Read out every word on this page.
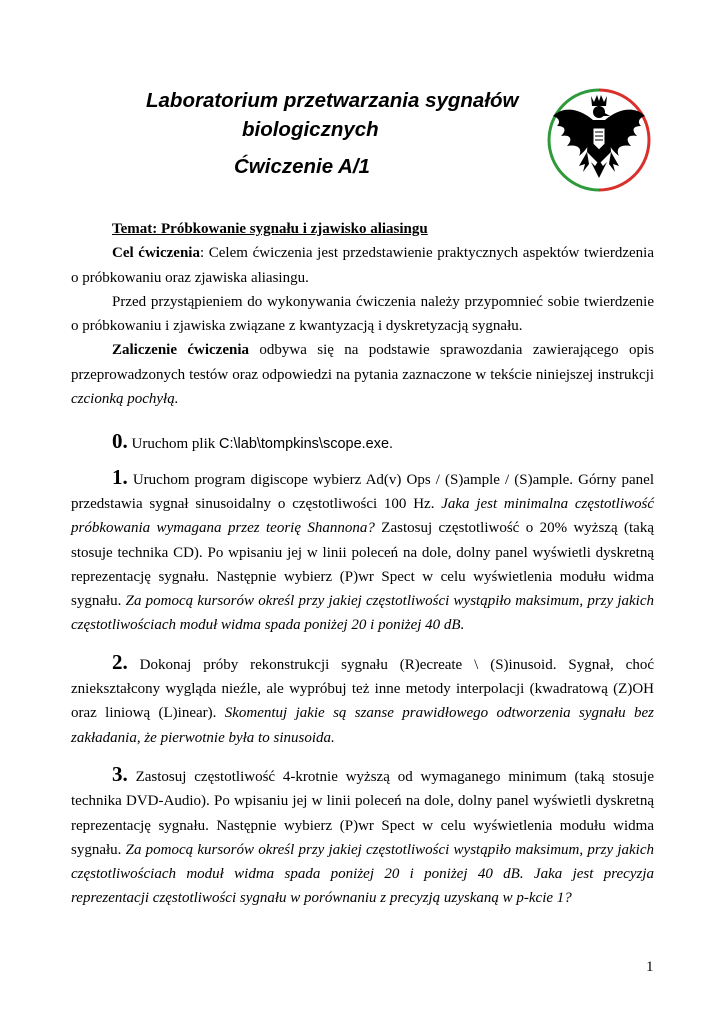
Laboratorium przetwarzania sygnałów
biologicznych
Ćwiczenie A/1

Temat: Próbkowanie sygnału i zjawisko aliasingu

Cel ćwiczenia: Celem ćwiczenia jest przedstawienie praktycznych aspektów twierdzenia o próbkowaniu oraz zjawiska aliasingu.

Przed przystąpieniem do wykonywania ćwiczenia należy przypomnieć sobie twierdzenie o próbkowaniu i zjawiska związane z kwantyzacją i dyskretyzacją sygnału.

Zaliczenie ćwiczenia odbywa się na podstawie sprawozdania zawierającego opis przeprowadzonych testów oraz odpowiedzi na pytania zaznaczone w tekście niniejszej instrukcji czcionką pochyłą.

0. Uruchom plik C:\lab\tompkins\scope.exe.

1. Uruchom program digiscope wybierz Ad(v) Ops / (S)ample / (S)ample. Górny panel przedstawia sygnał sinusoidalny o częstotliwości 100 Hz. Jaka jest minimalna częstotliwość próbkowania wymagana przez teorię Shannona? Zastosuj częstotliwość o 20% wyższą (taką stosuje technika CD). Po wpisaniu jej w linii poleceń na dole, dolny panel wyświetli dyskretną reprezentację sygnału. Następnie wybierz (P)wr Spect w celu wyświetlenia modułu widma sygnału. Za pomocą kursorów określ przy jakiej częstotliwości wystąpiło maksimum, przy jakich częstotliwościach moduł widma spada poniżej 20 i poniżej 40 dB.

2. Dokonaj próby rekonstrukcji sygnału (R)ecreate \ (S)inusoid. Sygnał, choć zniekształcony wygląda nieźle, ale wypróbuj też inne metody interpolacji (kwadratową (Z)OH oraz liniową (L)inear). Skomentuj jakie są szanse prawidłowego odtworzenia sygnału bez zakładania, że pierwotnie była to sinusoida.

3. Zastosuj częstotliwość 4-krotnie wyższą od wymaganego minimum (taką stosuje technika DVD-Audio). Po wpisaniu jej w linii poleceń na dole, dolny panel wyświetli dyskretną reprezentację sygnału. Następnie wybierz (P)wr Spect w celu wyświetlenia modułu widma sygnału. Za pomocą kursorów określ przy jakiej częstotliwości wystąpiło maksimum, przy jakich częstotliwościach moduł widma spada poniżej 20 i poniżej 40 dB. Jaka jest precyzja reprezentacji częstotliwości sygnału w porównaniu z precyzją uzyskaną w p-kcie 1?

1
